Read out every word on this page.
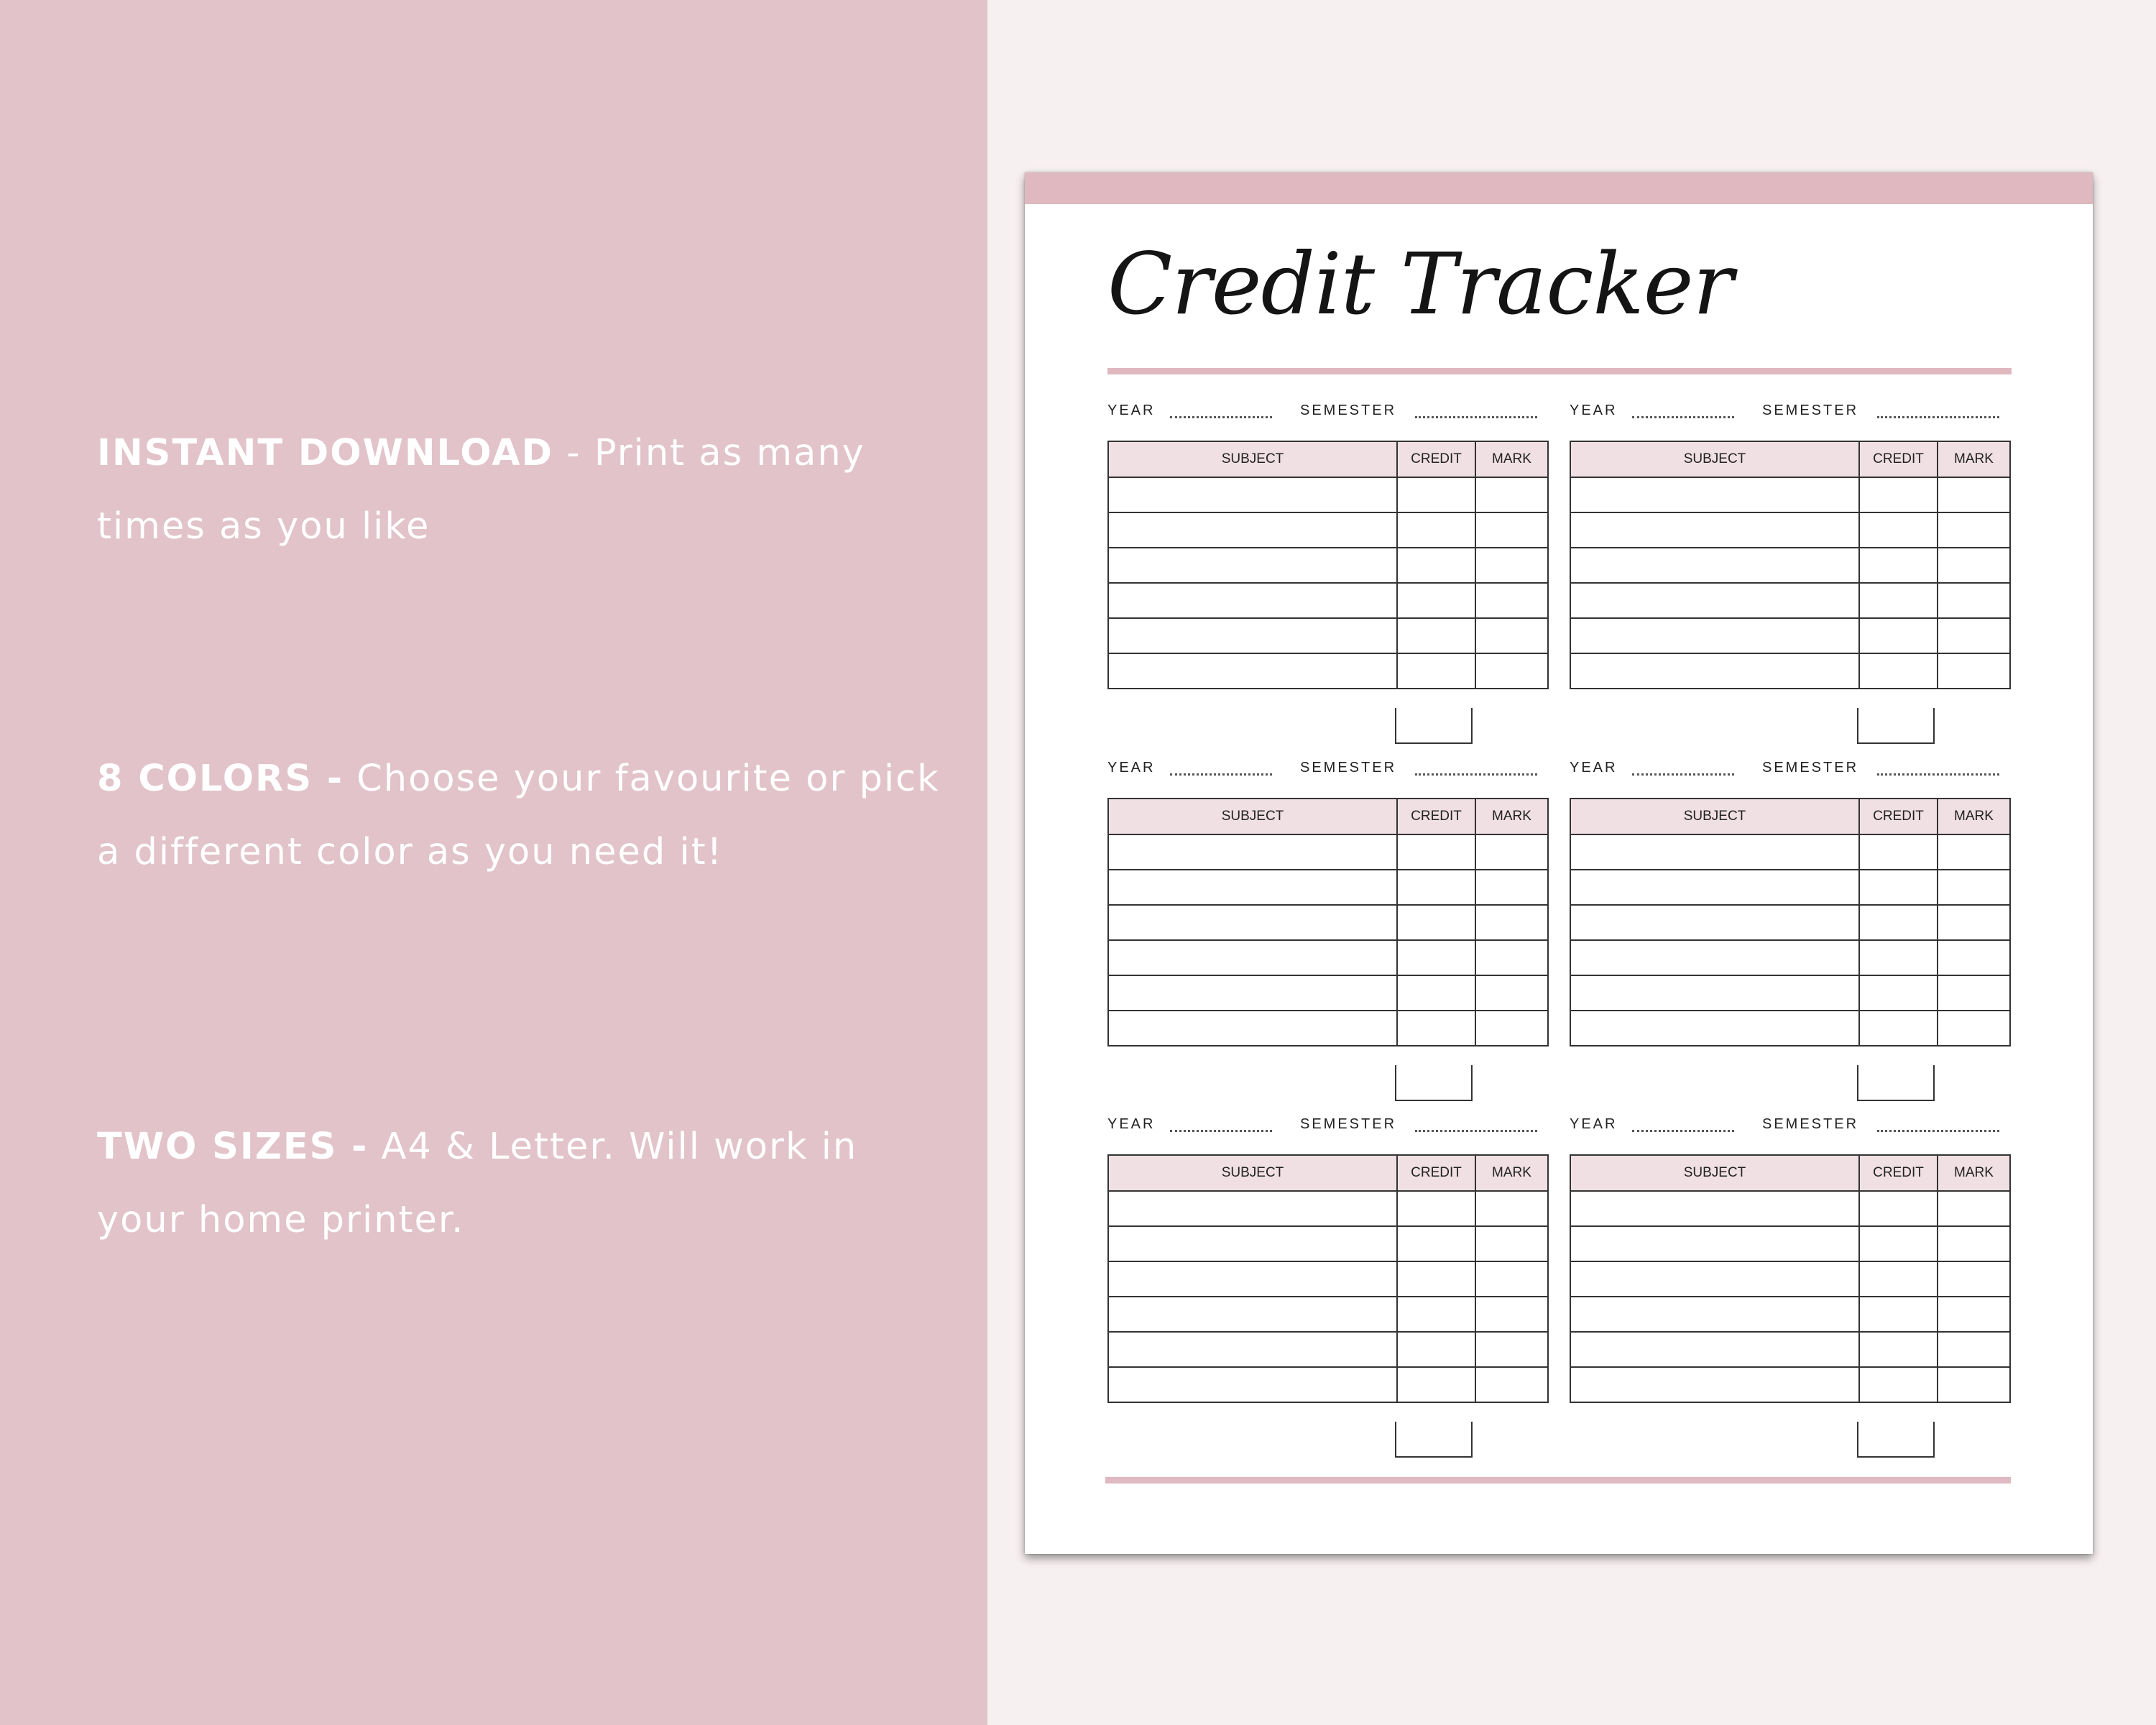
INSTANT DOWNLOAD - Print as many times as you like
8 COLORS - Choose your favourite or pick a different color as you need it!
TWO SIZES - A4 & Letter. Will work in your home printer.
Credit Tracker
YEAR	SEMESTER
SUBJECT	CREDIT	MARK

YEAR	SEMESTER
SUBJECT	CREDIT	MARK

YEAR	SEMESTER
SUBJECT	CREDIT	MARK

YEAR	SEMESTER
SUBJECT	CREDIT	MARK

YEAR	SEMESTER
SUBJECT	CREDIT	MARK

YEAR	SEMESTER
SUBJECT	CREDIT	MARK
